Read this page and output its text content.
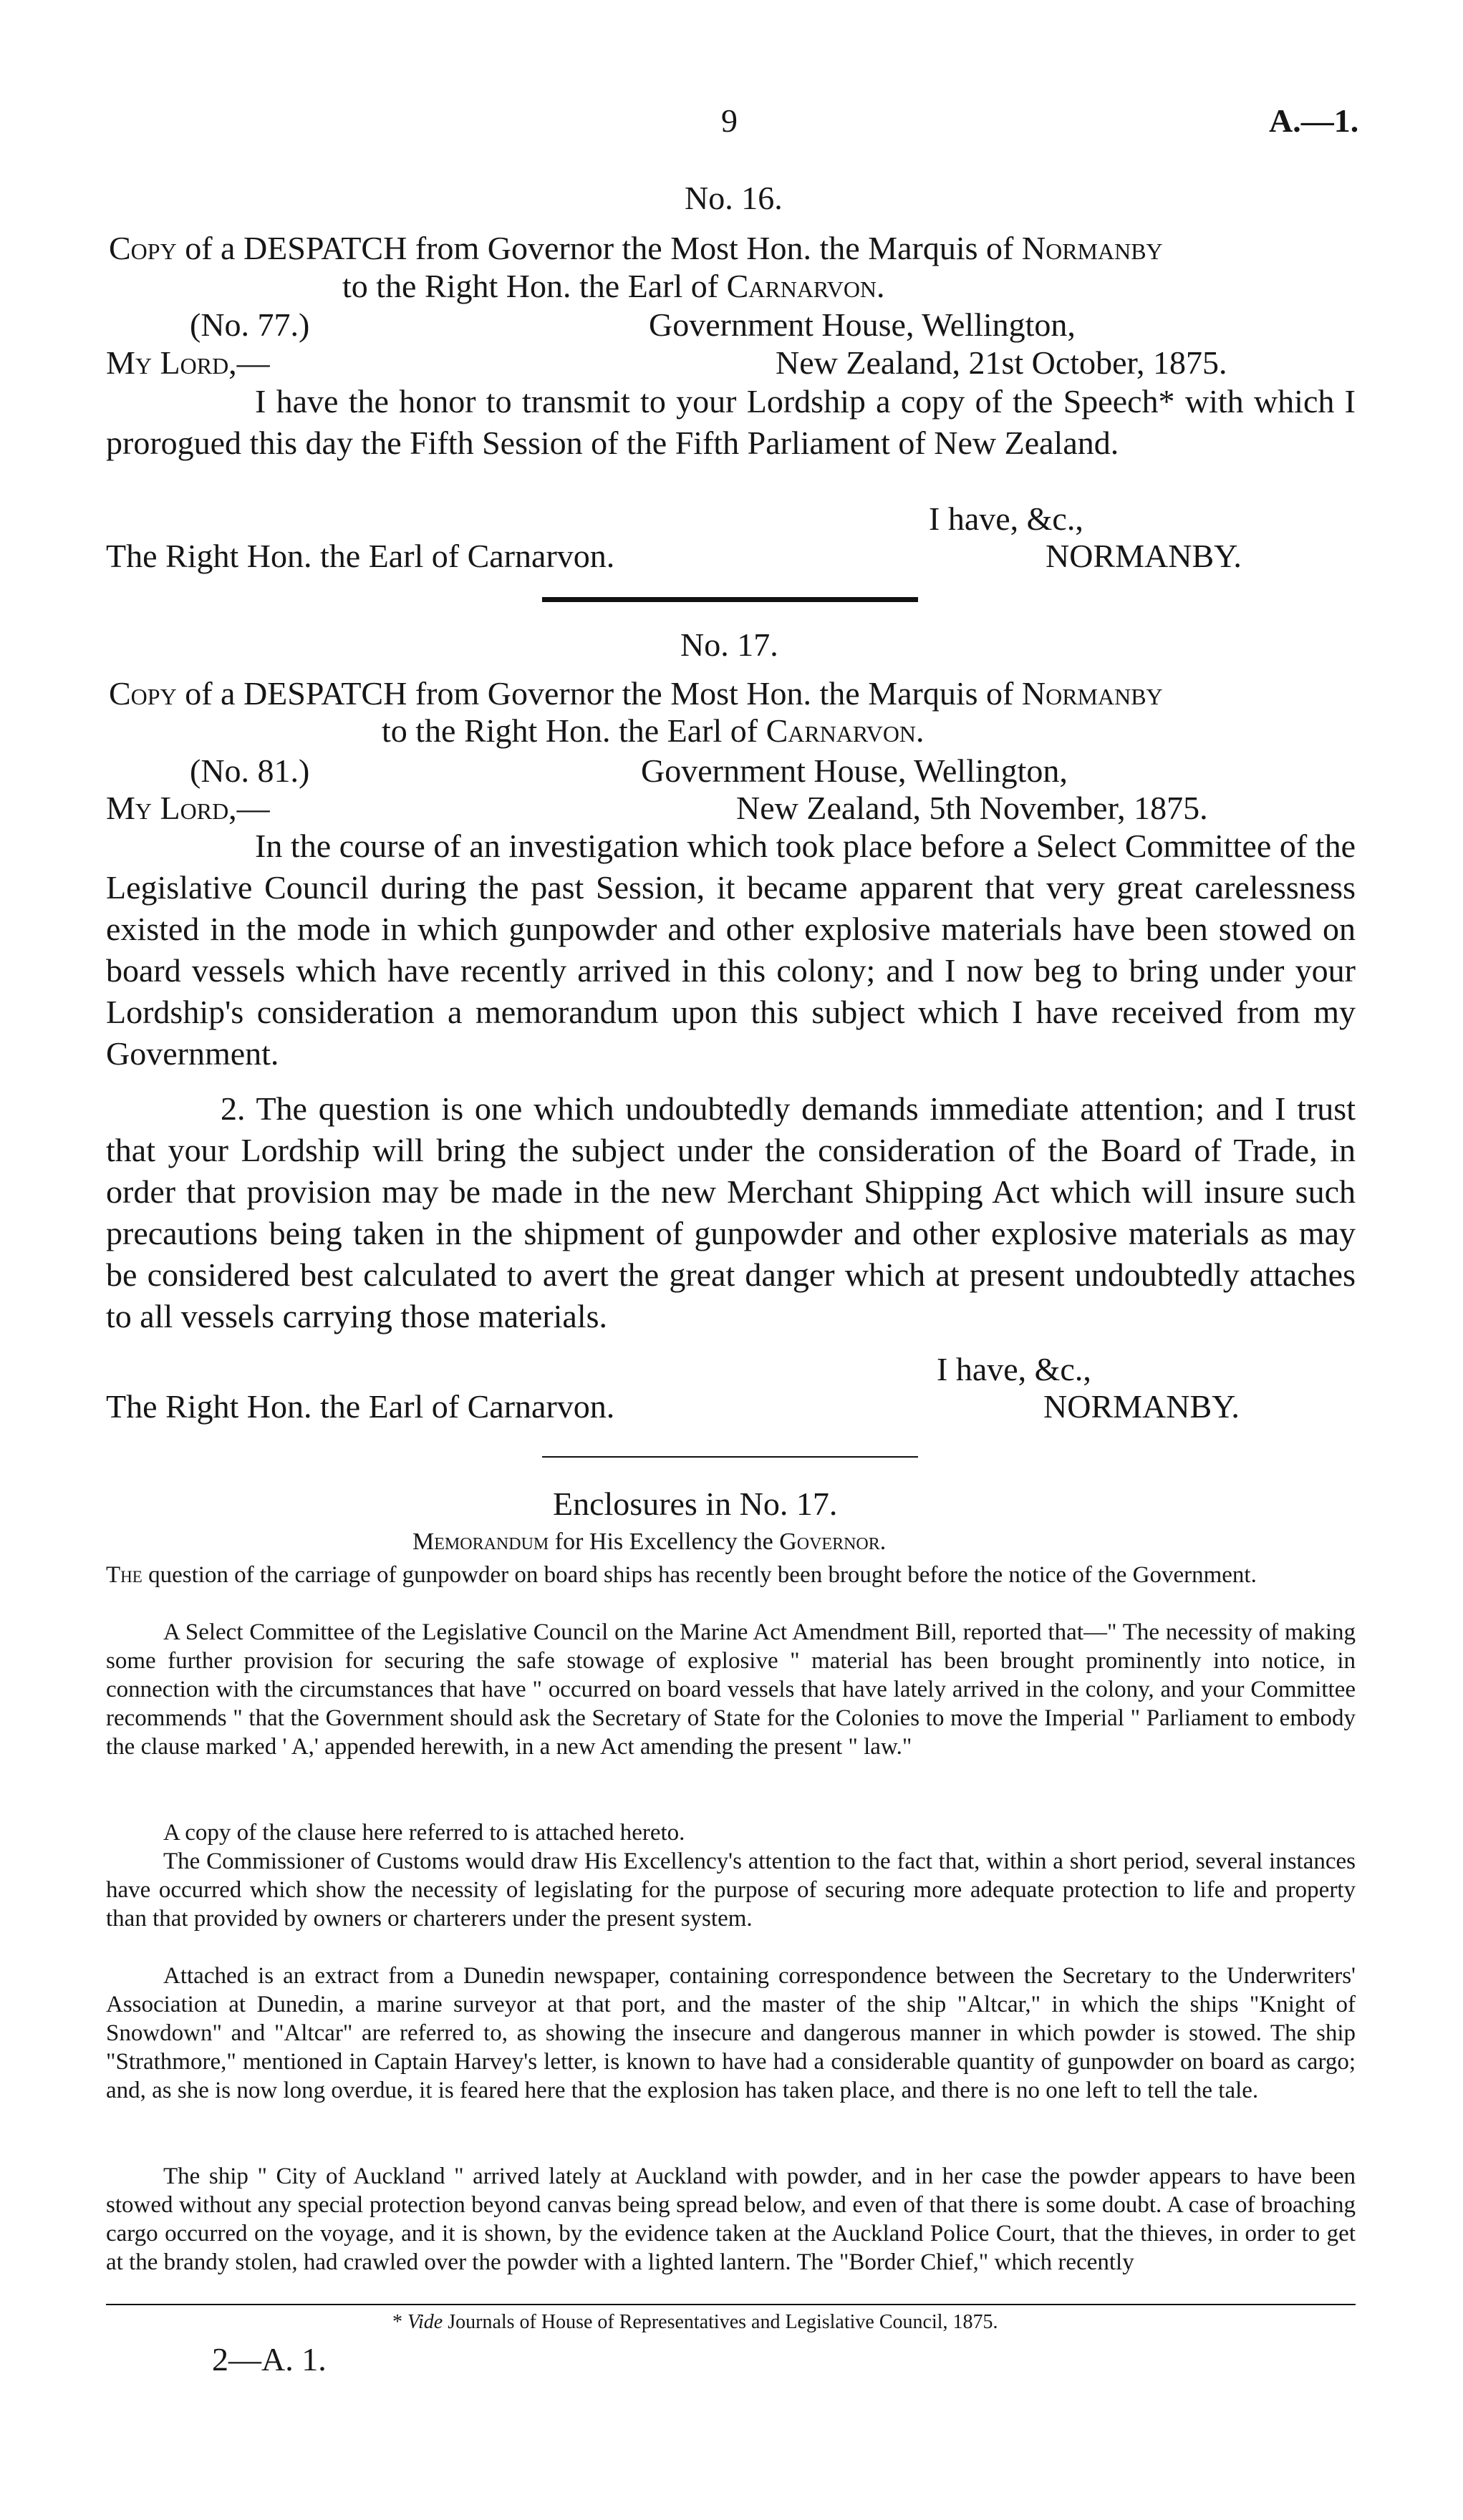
9	A.—1.
No. 16.
Copy of a DESPATCH from Governor the Most Hon. the Marquis of Normanby
to the Right Hon. the Earl of Carnarvon.
(No. 77.)	Government House, Wellington,
My Lord,—	New Zealand, 21st October, 1875.
I have the honor to transmit to your Lordship a copy of the Speech* with which I prorogued this day the Fifth Session of the Fifth Parliament of New Zealand.
I have, &c.,
The Right Hon. the Earl of Carnarvon.	NORMANBY.
No. 17.
Copy of a DESPATCH from Governor the Most Hon. the Marquis of Normanby
to the Right Hon. the Earl of Carnarvon.
(No. 81.)	Government House, Wellington,
My Lord,—	New Zealand, 5th November, 1875.
In the course of an investigation which took place before a Select Committee of the Legislative Council during the past Session, it became apparent that very great carelessness existed in the mode in which gunpowder and other explosive materials have been stowed on board vessels which have recently arrived in this colony; and I now beg to bring under your Lordship's consideration a memorandum upon this subject which I have received from my Government.
2. The question is one which undoubtedly demands immediate attention; and I trust that your Lordship will bring the subject under the consideration of the Board of Trade, in order that provision may be made in the new Merchant Shipping Act which will insure such precautions being taken in the shipment of gunpowder and other explosive materials as may be considered best calculated to avert the great danger which at present undoubtedly attaches to all vessels carrying those materials.
I have, &c.,
The Right Hon. the Earl of Carnarvon.	NORMANBY.
Enclosures in No. 17.
Memorandum for His Excellency the Governor.
The question of the carriage of gunpowder on board ships has recently been brought before the notice of the Government.
A Select Committee of the Legislative Council on the Marine Act Amendment Bill, reported that—" The necessity of making some further provision for securing the safe stowage of explosive " material has been brought prominently into notice, in connection with the circumstances that have " occurred on board vessels that have lately arrived in the colony, and your Committee recommends " that the Government should ask the Secretary of State for the Colonies to move the Imperial " Parliament to embody the clause marked ' A,' appended herewith, in a new Act amending the present " law."
A copy of the clause here referred to is attached hereto.
The Commissioner of Customs would draw His Excellency's attention to the fact that, within a short period, several instances have occurred which show the necessity of legislating for the purpose of securing more adequate protection to life and property than that provided by owners or charterers under the present system.
Attached is an extract from a Dunedin newspaper, containing correspondence between the Secretary to the Underwriters' Association at Dunedin, a marine surveyor at that port, and the master of the ship "Altcar," in which the ships "Knight of Snowdown" and "Altcar" are referred to, as showing the insecure and dangerous manner in which powder is stowed. The ship "Strathmore," mentioned in Captain Harvey's letter, is known to have had a considerable quantity of gunpowder on board as cargo; and, as she is now long overdue, it is feared here that the explosion has taken place, and there is no one left to tell the tale.
The ship " City of Auckland " arrived lately at Auckland with powder, and in her case the powder appears to have been stowed without any special protection beyond canvas being spread below, and even of that there is some doubt. A case of broaching cargo occurred on the voyage, and it is shown, by the evidence taken at the Auckland Police Court, that the thieves, in order to get at the brandy stolen, had crawled over the powder with a lighted lantern. The "Border Chief," which recently
* Vide Journals of House of Representatives and Legislative Council, 1875.
2—A. 1.
